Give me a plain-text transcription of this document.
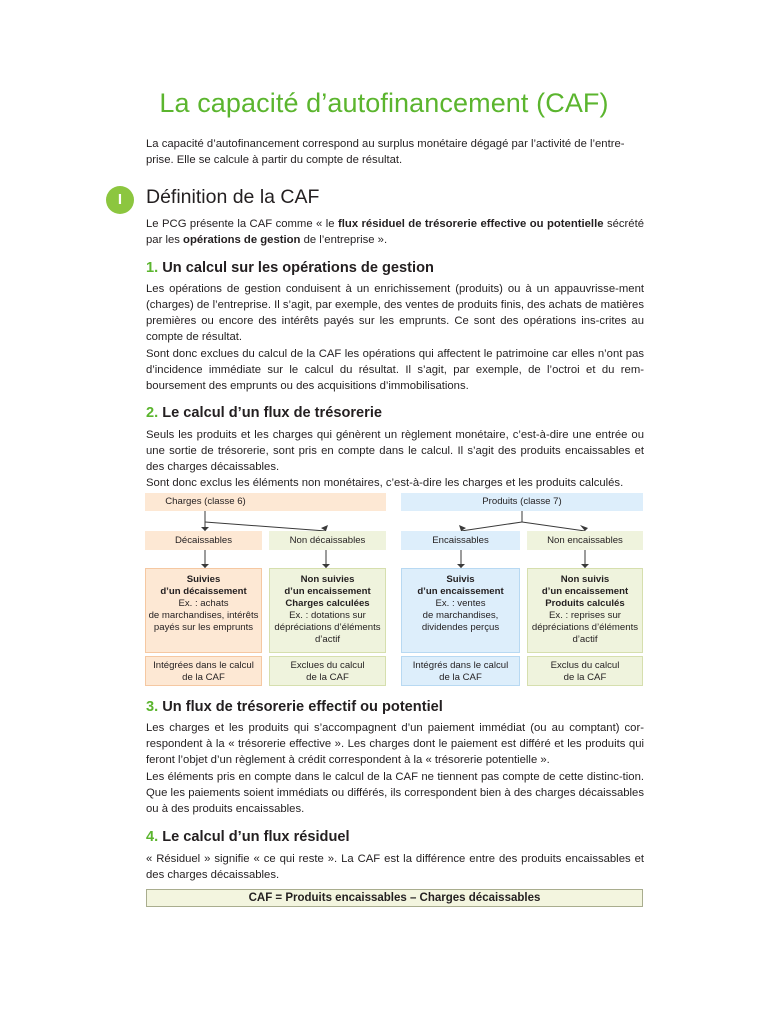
La capacité d’autofinancement (CAF)
La capacité d’autofinancement correspond au surplus monétaire dégagé par l’activité de l’entre-
prise. Elle se calcule à partir du compte de résultat.
I	Définition de la CAF
Le PCG présente la CAF comme « le flux résiduel de trésorerie effective ou potentielle sécrété par les opérations de gestion de l’entreprise ».
1. Un calcul sur les opérations de gestion
Les opérations de gestion conduisent à un enrichissement (produits) ou à un appauvrisse-ment (charges) de l’entreprise. Il s’agit, par exemple, des ventes de produits finis, des achats de matières premières ou encore des intérêts payés sur les emprunts. Ce sont des opérations ins-crites au compte de résultat.
Sont donc exclues du calcul de la CAF les opérations qui affectent le patrimoine car elles n’ont pas d’incidence immédiate sur le calcul du résultat. Il s’agit, par exemple, de l’octroi et du rem-boursement des emprunts ou des acquisitions d’immobilisations.
2. Le calcul d’un flux de trésorerie
Seuls les produits et les charges qui génèrent un règlement monétaire, c’est-à-dire une entrée ou une sortie de trésorerie, sont pris en compte dans le calcul. Il s’agit des produits encaissables et des charges décaissables.
Sont donc exclus les éléments non monétaires, c’est-à-dire les charges et les produits calculés.
Charges (classe 6)	Produits (classe 7)
Décaissables	Non décaissables	Encaissables	Non encaissables
Suivies
d’un décaissement
Ex. : achats
de marchandises, intérêts
payés sur les emprunts
Non suivies
d’un encaissement
Charges calculées
Ex. : dotations sur
dépréciations d’éléments
d’actif
Suivis
d’un encaissement
Ex. : ventes
de marchandises,
dividendes perçus
Non suivis
d’un encaissement
Produits calculés
Ex. : reprises sur
dépréciations d’éléments
d’actif
Intégrées dans le calcul
de la CAF
Exclues du calcul
de la CAF
Intégrés dans le calcul
de la CAF
Exclus du calcul
de la CAF
3. Un flux de trésorerie effectif ou potentiel
Les charges et les produits qui s’accompagnent d’un paiement immédiat (ou au comptant) cor-respondent à la « trésorerie effective ». Les charges dont le paiement est différé et les produits qui feront l’objet d’un règlement à crédit correspondent à la « trésorerie potentielle ».
Les éléments pris en compte dans le calcul de la CAF ne tiennent pas compte de cette distinc-tion. Que les paiements soient immédiats ou différés, ils correspondent bien à des charges décaissables ou à des produits encaissables.
4. Le calcul d’un flux résiduel
« Résiduel » signifie « ce qui reste ». La CAF est la différence entre des produits encaissables et des charges décaissables.
CAF = Produits encaissables – Charges décaissables
